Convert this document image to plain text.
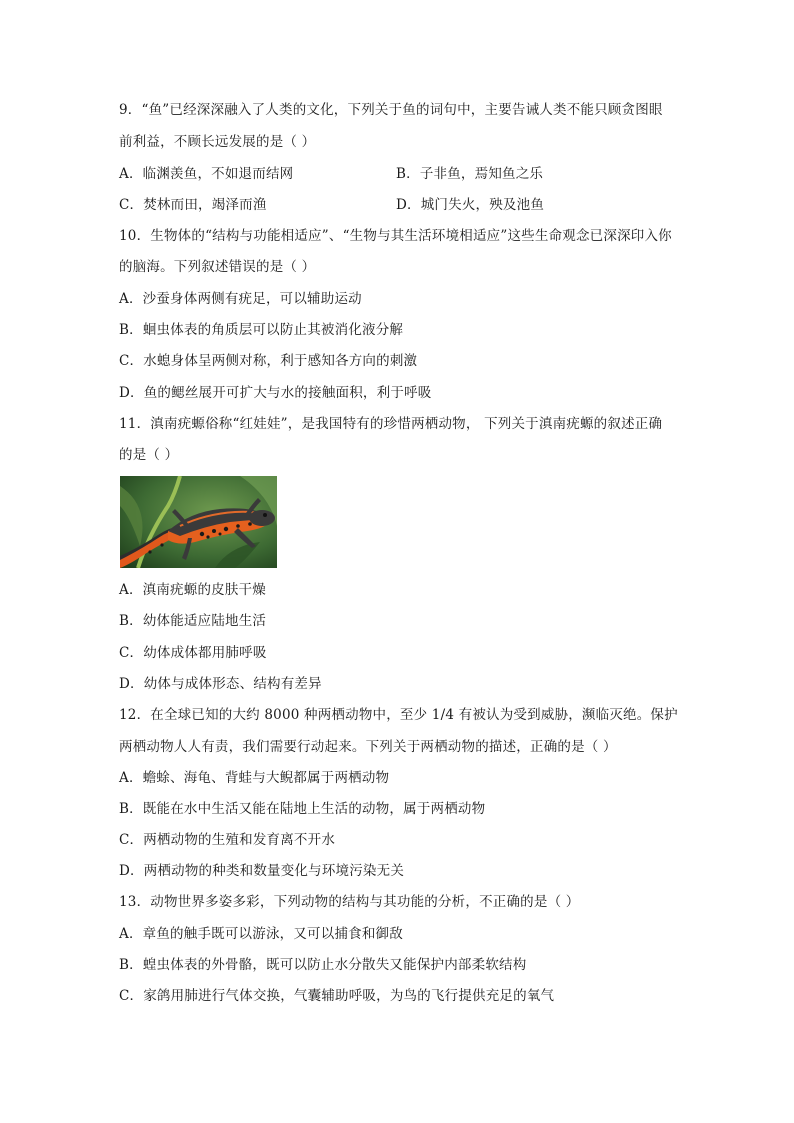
9．“鱼”已经深深融入了人类的文化，下列关于鱼的词句中，主要告诫人类不能只顾贪图眼
前利益，不顾长远发展的是（ ）
A．临渊羡鱼，不如退而结网	B．子非鱼，焉知鱼之乐
C．焚林而田，竭泽而渔	D．城门失火，殃及池鱼
10．生物体的“结构与功能相适应”、“生物与其生活环境相适应”这些生命观念已深深印入你
的脑海。下列叙述错误的是（ ）
A．沙蚕身体两侧有疣足，可以辅助运动
B．蛔虫体表的角质层可以防止其被消化液分解
C．水螅身体呈两侧对称，利于感知各方向的刺激
D．鱼的鳃丝展开可扩大与水的接触面积，利于呼吸
11．滇南疣螈俗称“红娃娃”，是我国特有的珍惜两栖动物， 下列关于滇南疣螈的叙述正确
的是（ ）
A．滇南疣螈的皮肤干燥
B．幼体能适应陆地生活
C．幼体成体都用肺呼吸
D．幼体与成体形态、结构有差异
12．在全球已知的大约 8000 种两栖动物中，至少 1/4 有被认为受到威胁，濒临灭绝。保护
两栖动物人人有责，我们需要行动起来。下列关于两栖动物的描述，正确的是（ ）
A．蟾蜍、海龟、背蛙与大鲵都属于两栖动物
B．既能在水中生活又能在陆地上生活的动物，属于两栖动物
C．两栖动物的生殖和发育离不开水
D．两栖动物的种类和数量变化与环境污染无关
13．动物世界多姿多彩，下列动物的结构与其功能的分析，不正确的是（ ）
A．章鱼的触手既可以游泳，又可以捕食和御敌
B．蝗虫体表的外骨骼，既可以防止水分散失又能保护内部柔软结构
C．家鸽用肺进行气体交换，气囊辅助呼吸，为鸟的飞行提供充足的氧气
